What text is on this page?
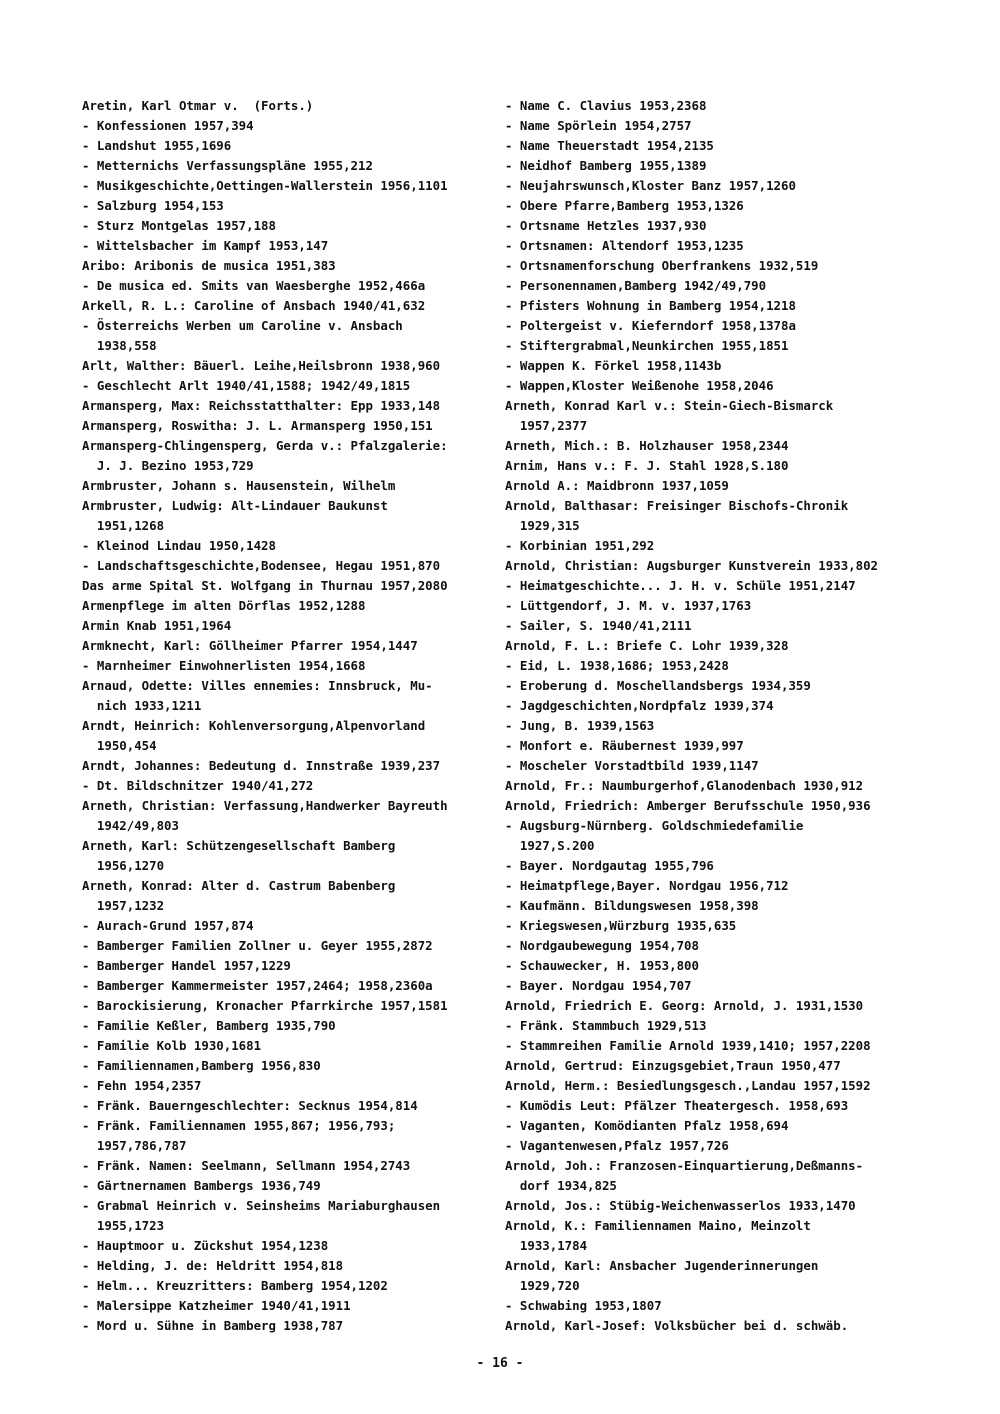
Aretin, Karl Otmar v.  (Forts.)
- Konfessionen 1957,394
- Landshut 1955,1696
- Metternichs Verfassungspläne 1955,212
- Musikgeschichte,Oettingen-Wallerstein 1956,1101
- Salzburg 1954,153
- Sturz Montgelas 1957,188
- Wittelsbacher im Kampf 1953,147
Aribo: Aribonis de musica 1951,383
- De musica ed. Smits van Waesberghe 1952,466a
Arkell, R. L.: Caroline of Ansbach 1940/41,632
- Österreichs Werben um Caroline v. Ansbach
1938,558
Arlt, Walther: Bäuerl. Leihe,Heilsbronn 1938,960
- Geschlecht Arlt 1940/41,1588; 1942/49,1815
Armansperg, Max: Reichsstatthalter: Epp 1933,148
Armansperg, Roswitha: J. L. Armansperg 1950,151
Armansperg-Chlingensperg, Gerda v.: Pfalzgalerie:
J. J. Bezino 1953,729
Armbruster, Johann s. Hausenstein, Wilhelm
Armbruster, Ludwig: Alt-Lindauer Baukunst
1951,1268
- Kleinod Lindau 1950,1428
- Landschaftsgeschichte,Bodensee, Hegau 1951,870
Das arme Spital St. Wolfgang in Thurnau 1957,2080
Armenpflege im alten Dörflas 1952,1288
Armin Knab 1951,1964
Armknecht, Karl: Göllheimer Pfarrer 1954,1447
- Marnheimer Einwohnerlisten 1954,1668
Arnaud, Odette: Villes ennemies: Innsbruck, Mu-
nich 1933,1211
Arndt, Heinrich: Kohlenversorgung,Alpenvorland
1950,454
Arndt, Johannes: Bedeutung d. Innstraße 1939,237
- Dt. Bildschnitzer 1940/41,272
Arneth, Christian: Verfassung,Handwerker Bayreuth
1942/49,803
Arneth, Karl: Schützengesellschaft Bamberg
1956,1270
Arneth, Konrad: Alter d. Castrum Babenberg
1957,1232
- Aurach-Grund 1957,874
- Bamberger Familien Zollner u. Geyer 1955,2872
- Bamberger Handel 1957,1229
- Bamberger Kammermeister 1957,2464; 1958,2360a
- Barockisierung, Kronacher Pfarrkirche 1957,1581
- Familie Keßler, Bamberg 1935,790
- Familie Kolb 1930,1681
- Familiennamen,Bamberg 1956,830
- Fehn 1954,2357
- Fränk. Bauerngeschlechter: Secknus 1954,814
- Fränk. Familiennamen 1955,867; 1956,793;
1957,786,787
- Fränk. Namen: Seelmann, Sellmann 1954,2743
- Gärtnernamen Bambergs 1936,749
- Grabmal Heinrich v. Seinsheims Mariaburghausen
1955,1723
- Hauptmoor u. Zückshut 1954,1238
- Helding, J. de: Heldritt 1954,818
- Helm... Kreuzritters: Bamberg 1954,1202
- Malersippe Katzheimer 1940/41,1911
- Mord u. Sühne in Bamberg 1938,787
- Name C. Clavius 1953,2368
- Name Spörlein 1954,2757
- Name Theuerstadt 1954,2135
- Neidhof Bamberg 1955,1389
- Neujahrswunsch,Kloster Banz 1957,1260
- Obere Pfarre,Bamberg 1953,1326
- Ortsname Hetzles 1937,930
- Ortsnamen: Altendorf 1953,1235
- Ortsnamenforschung Oberfrankens 1932,519
- Personennamen,Bamberg 1942/49,790
- Pfisters Wohnung in Bamberg 1954,1218
- Poltergeist v. Kieferndorf 1958,1378a
- Stiftergrabmal,Neunkirchen 1955,1851
- Wappen K. Förkel 1958,1143b
- Wappen,Kloster Weißenohe 1958,2046
Arneth, Konrad Karl v.: Stein-Giech-Bismarck
1957,2377
Arneth, Mich.: B. Holzhauser 1958,2344
Arnim, Hans v.: F. J. Stahl 1928,S.180
Arnold A.: Maidbronn 1937,1059
Arnold, Balthasar: Freisinger Bischofs-Chronik
1929,315
- Korbinian 1951,292
Arnold, Christian: Augsburger Kunstverein 1933,802
- Heimatgeschichte... J. H. v. Schüle 1951,2147
- Lüttgendorf, J. M. v. 1937,1763
- Sailer, S. 1940/41,2111
Arnold, F. L.: Briefe C. Lohr 1939,328
- Eid, L. 1938,1686; 1953,2428
- Eroberung d. Moschellandsbergs 1934,359
- Jagdgeschichten,Nordpfalz 1939,374
- Jung, B. 1939,1563
- Monfort e. Räubernest 1939,997
- Moscheler Vorstadtbild 1939,1147
Arnold, Fr.: Naumburgerhof,Glanodenbach 1930,912
Arnold, Friedrich: Amberger Berufsschule 1950,936
- Augsburg-Nürnberg. Goldschmiedefamilie
1927,S.200
- Bayer. Nordgautag 1955,796
- Heimatpflege,Bayer. Nordgau 1956,712
- Kaufmänn. Bildungswesen 1958,398
- Kriegswesen,Würzburg 1935,635
- Nordgaubewegung 1954,708
- Schauwecker, H. 1953,800
- Bayer. Nordgau 1954,707
Arnold, Friedrich E. Georg: Arnold, J. 1931,1530
- Fränk. Stammbuch 1929,513
- Stammreihen Familie Arnold 1939,1410; 1957,2208
Arnold, Gertrud: Einzugsgebiet,Traun 1950,477
Arnold, Herm.: Besiedlungsgesch.,Landau 1957,1592
- Kumödis Leut: Pfälzer Theatergesch. 1958,693
- Vaganten, Komödianten Pfalz 1958,694
- Vagantenwesen,Pfalz 1957,726
Arnold, Joh.: Franzosen-Einquartierung,Deßmanns-
dorf 1934,825
Arnold, Jos.: Stübig-Weichenwasserlos 1933,1470
Arnold, K.: Familiennamen Maino, Meinzolt
1933,1784
Arnold, Karl: Ansbacher Jugenderinnerungen
1929,720
- Schwabing 1953,1807
Arnold, Karl-Josef: Volksbücher bei d. schwäb.
- 16 -
